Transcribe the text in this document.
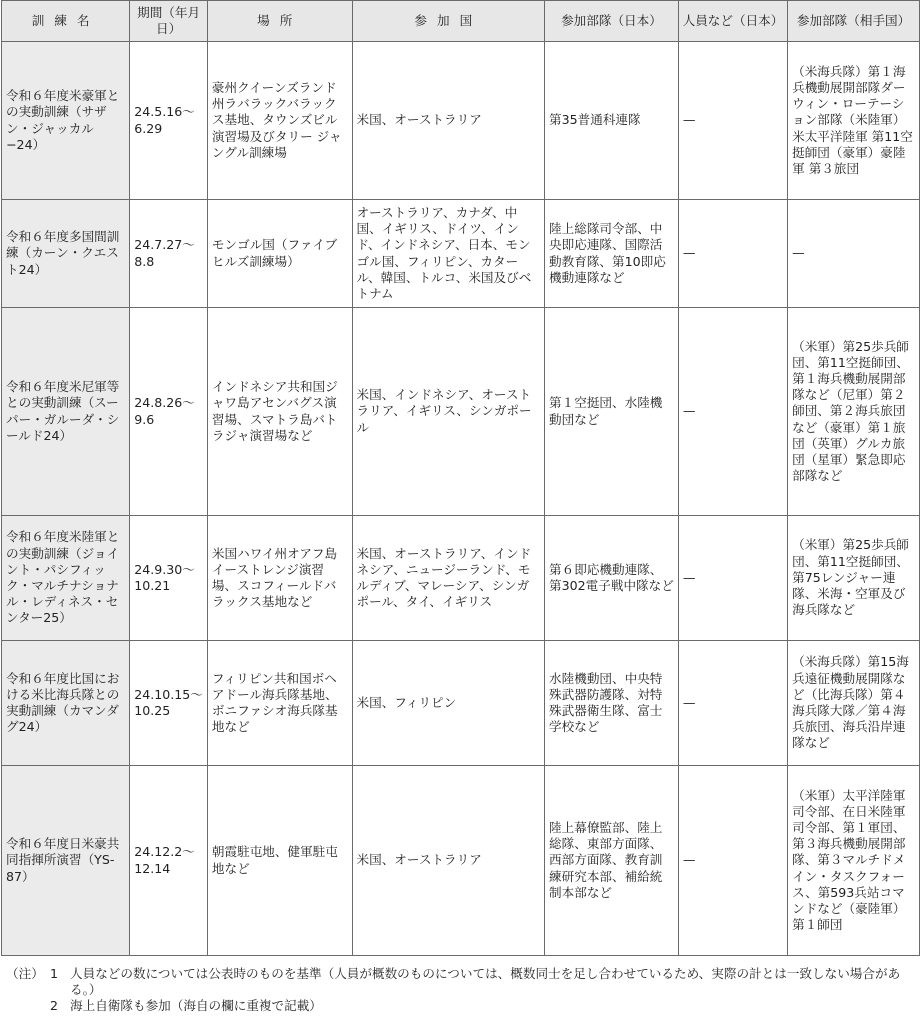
訓練名	期間（年月日）	場所	参加国	参加部隊（日本）	人員など（日本）	参加部隊（相手国）
令和６年度米豪軍との実動訓練（サザン・ジャッカル−24）	24.5.16〜6.29	豪州クイーンズランド州ラバラックバラックス基地、タウンズビル演習場及びタリー ジャングル訓練場	米国、オーストラリア	第35普通科連隊	—	（米海兵隊）第１海兵機動展開部隊ダーウィン・ローテーション部隊（米陸軍）米太平洋陸軍 第11空挺師団（豪軍）豪陸軍 第３旅団
令和６年度多国間訓練（カーン・クエスト24）	24.7.27〜8.8	モンゴル国（ファイブヒルズ訓練場）	オーストラリア、カナダ、中国、イギリス、ドイツ、インド、インドネシア、日本、モンゴル国、フィリピン、カタール、韓国、トルコ、米国及びベトナム	陸上総隊司令部、中央即応連隊、国際活動教育隊、第10即応機動連隊など	—	—
令和６年度米尼軍等との実動訓練（スーパー・ガルーダ・シールド24）	24.8.26〜9.6	インドネシア共和国ジャワ島アセンバグス演習場、スマトラ島バトラジャ演習場など	米国、インドネシア、オーストラリア、イギリス、シンガポール	第１空挺団、水陸機動団など	—	（米軍）第25歩兵師団、第11空挺師団、第１海兵機動展開部隊など（尼軍）第２師団、第２海兵旅団など（豪軍）第１旅団（英軍）グルカ旅団（星軍）緊急即応部隊など
令和６年度米陸軍との実動訓練（ジョイント・パシフィック・マルチナショナル・レディネス・センター25）	24.9.30〜10.21	米国ハワイ州オアフ島イーストレンジ演習場、スコフィールドバラックス基地など	米国、オーストラリア、インドネシア、ニュージーランド、モルディブ、マレーシア、シンガポール、タイ、イギリス	第６即応機動連隊、第302電子戦中隊など	—	（米軍）第25歩兵師団、第11空挺師団、第75レンジャー連隊、米海・空軍及び海兵隊など
令和６年度比国における米比海兵隊との実動訓練（カマンダグ24）	24.10.15〜10.25	フィリピン共和国ボヘアドール海兵隊基地、ボニファシオ海兵隊基地など	米国、フィリピン	水陸機動団、中央特殊武器防護隊、対特殊武器衛生隊、富士学校など	—	（米海兵隊）第15海兵遠征機動展開隊など（比海兵隊）第４海兵隊大隊／第４海兵旅団、海兵沿岸連隊など
令和６年度日米豪共同指揮所演習（YS-87）	24.12.2〜12.14	朝霞駐屯地、健軍駐屯地など	米国、オーストラリア	陸上幕僚監部、陸上総隊、東部方面隊、西部方面隊、教育訓練研究本部、補給統制本部など	—	（米軍）太平洋陸軍司令部、在日米陸軍司令部、第１軍団、第３海兵機動展開部隊、第３マルチドメイン・タスクフォース、第593兵站コマンドなど（豪陸軍）第１師団
（注） 1 人員などの数については公表時のものを基準（人員が概数のものについては、概数同士を足し合わせているため、実際の計とは一致しない場合がある。）
2 海上自衛隊も参加（海自の欄に重複で記載）
